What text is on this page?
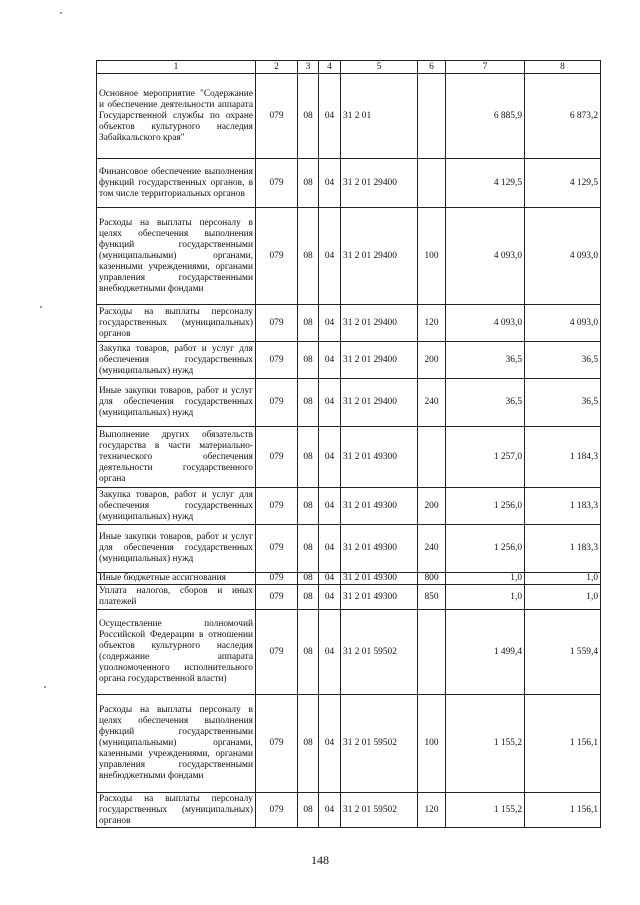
1	2	3	4	5	6	7	8
Основное мероприятие "Содержание и обеспечение деятельности аппарата Государственной службы по охране объектов культурного наследия Забайкальского края"	079	08	04	31 2 01		6 885,9	6 873,2
Финансовое обеспечение выполнения функций государственных органов, в том числе территориальных органов	079	08	04	31 2 01 29400		4 129,5	4 129,5
Расходы на выплаты персоналу в целях обеспечения выполнения функций государственными (муниципальными) органами, казенными учреждениями, органами управления государственными внебюджетными фондами	079	08	04	31 2 01 29400	100	4 093,0	4 093,0
Расходы на выплаты персоналу государственных (муниципальных) органов	079	08	04	31 2 01 29400	120	4 093,0	4 093,0
Закупка товаров, работ и услуг для обеспечения государственных (муниципальных) нужд	079	08	04	31 2 01 29400	200	36,5	36,5
Иные закупки товаров, работ и услуг для обеспечения государственных (муниципальных) нужд	079	08	04	31 2 01 29400	240	36,5	36,5
Выполнение других обязательств государства в части материально-технического обеспечения деятельности государственного органа	079	08	04	31 2 01 49300		1 257,0	1 184,3
Закупка товаров, работ и услуг для обеспечения государственных (муниципальных) нужд	079	08	04	31 2 01 49300	200	1 256,0	1 183,3
Иные закупки товаров, работ и услуг для обеспечения государственных (муниципальных) нужд	079	08	04	31 2 01 49300	240	1 256,0	1 183,3
Иные бюджетные ассигнования	079	08	04	31 2 01 49300	800	1,0	1,0
Уплата налогов, сборов и иных платежей	079	08	04	31 2 01 49300	850	1,0	1,0
Осуществление полномочий Российской Федерации в отношении объектов культурного наследия (содержание аппарата уполномоченного исполнительного органа государственной власти)	079	08	04	31 2 01 59502		1 499,4	1 559,4
Расходы на выплаты персоналу в целях обеспечения выполнения функций государственными (муниципальными) органами, казенными учреждениями, органами управления государственными внебюджетными фондами	079	08	04	31 2 01 59502	100	1 155,2	1 156,1
Расходы на выплаты персоналу государственных (муниципальных) органов	079	08	04	31 2 01 59502	120	1 155,2	1 156,1
148
